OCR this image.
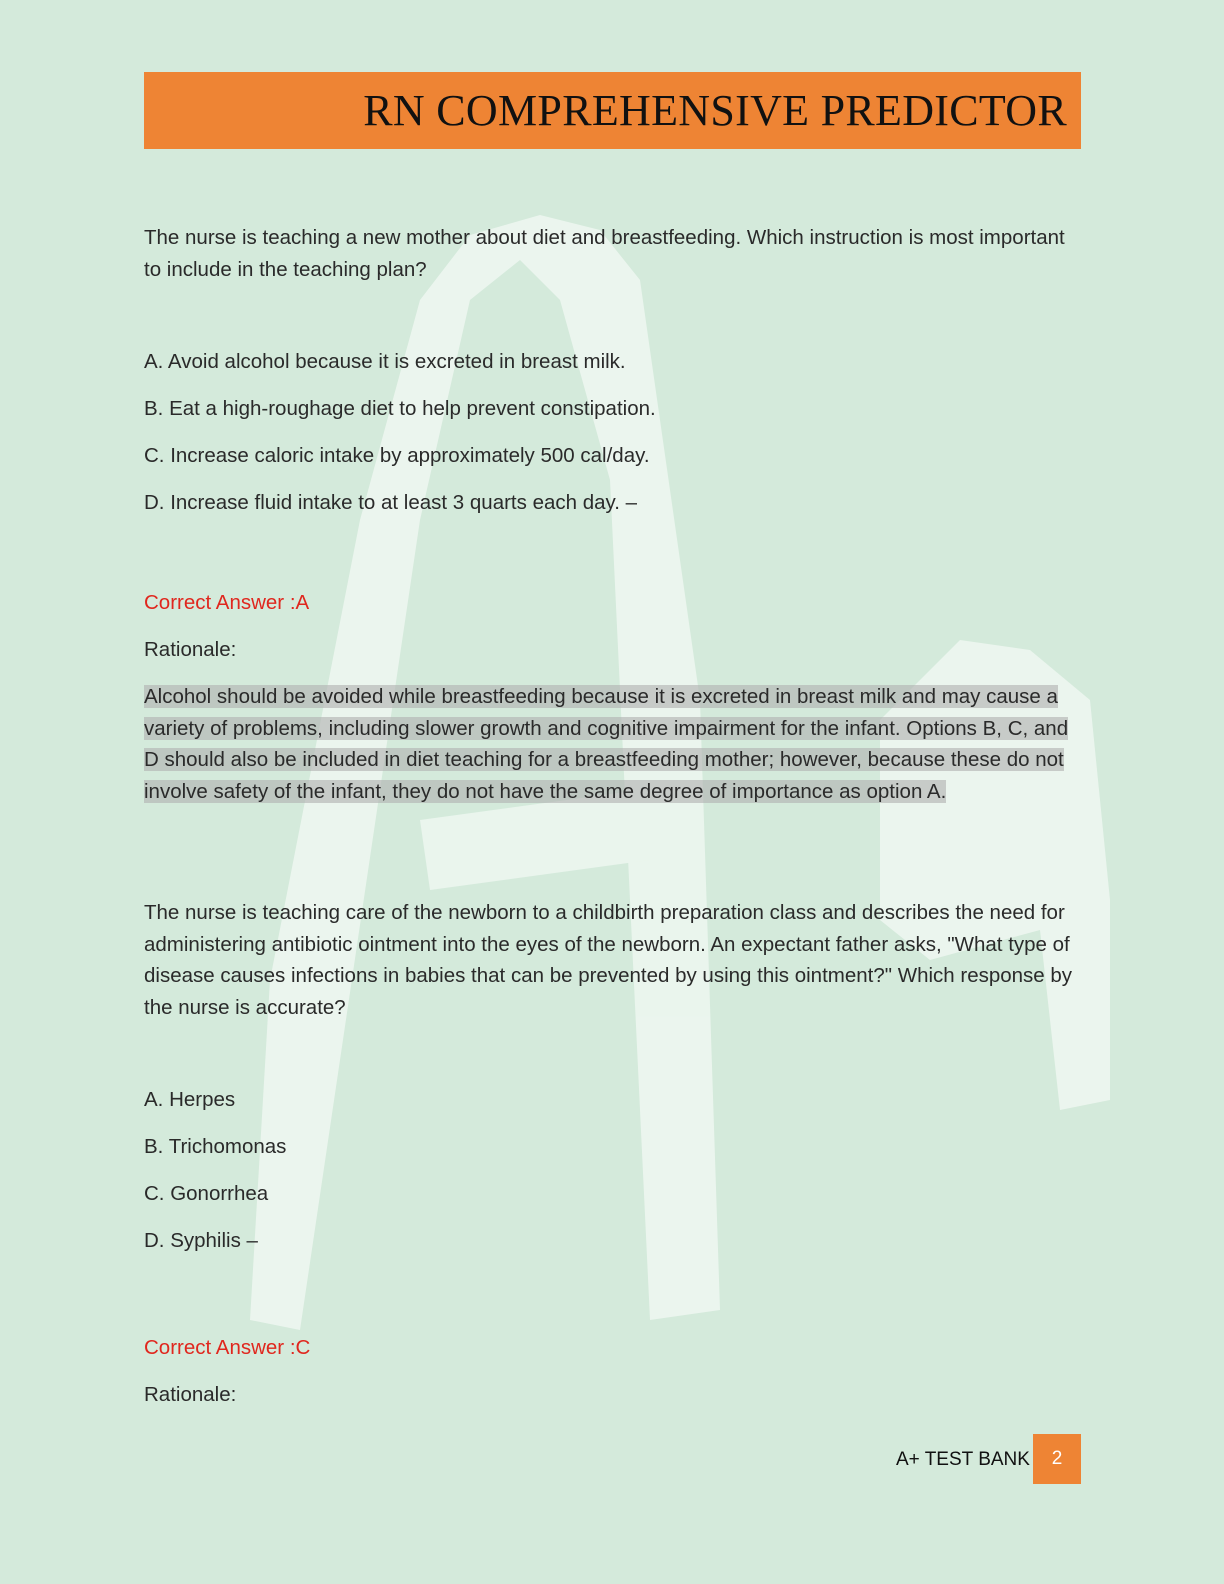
RN COMPREHENSIVE PREDICTOR
The nurse is teaching a new mother about diet and breastfeeding. Which instruction is most important to include in the teaching plan?
A. Avoid alcohol because it is excreted in breast milk.
B. Eat a high-roughage diet to help prevent constipation.
C. Increase caloric intake by approximately 500 cal/day.
D. Increase fluid intake to at least 3 quarts each day. –
Correct Answer :A
Rationale:
Alcohol should be avoided while breastfeeding because it is excreted in breast milk and may cause a variety of problems, including slower growth and cognitive impairment for the infant. Options B, C, and D should also be included in diet teaching for a breastfeeding mother; however, because these do not involve safety of the infant, they do not have the same degree of importance as option A.
The nurse is teaching care of the newborn to a childbirth preparation class and describes the need for administering antibiotic ointment into the eyes of the newborn. An expectant father asks, "What type of disease causes infections in babies that can be prevented by using this ointment?" Which response by the nurse is accurate?
A. Herpes
B. Trichomonas
C. Gonorrhea
D. Syphilis –
Correct Answer :C
Rationale:
A+ TEST BANK	2
